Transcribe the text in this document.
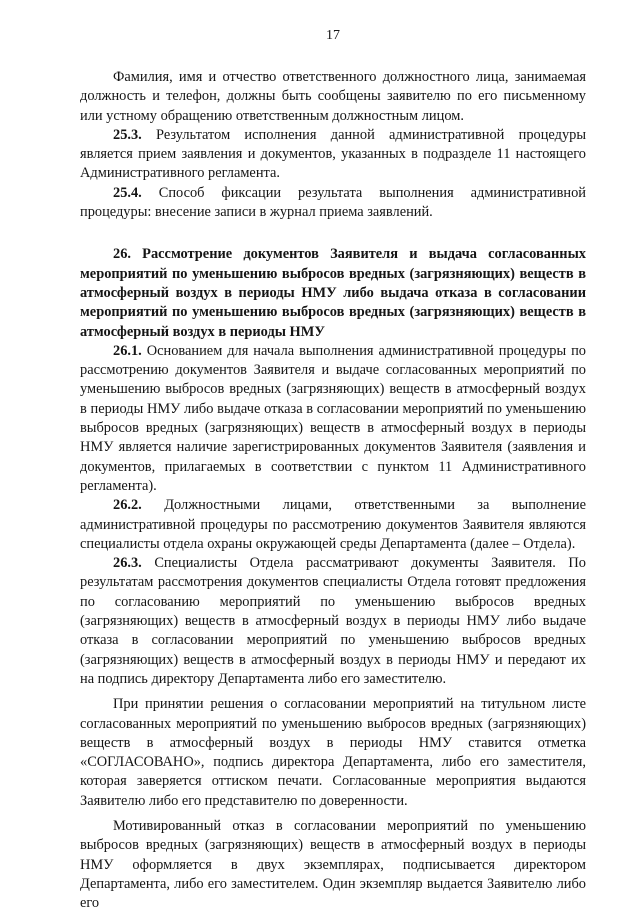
17

Фамилия, имя и отчество ответственного должностного лица, занимаемая должность и телефон, должны быть сообщены заявителю по его письменному или устному обращению ответственным должностным лицом.

25.3. Результатом исполнения данной административной процедуры является прием заявления и документов, указанных в подразделе 11 настоящего Административного регламента.

25.4. Способ фиксации результата выполнения административной процедуры: внесение записи в журнал приема заявлений.

26. Рассмотрение документов Заявителя и выдача согласованных мероприятий по уменьшению выбросов вредных (загрязняющих) веществ в атмосферный воздух в периоды НМУ либо выдача отказа в согласовании мероприятий по уменьшению выбросов вредных (загрязняющих) веществ в атмосферный воздух в периоды НМУ

26.1. Основанием для начала выполнения административной процедуры по рассмотрению документов Заявителя и выдаче согласованных мероприятий по уменьшению выбросов вредных (загрязняющих) веществ в атмосферный воздух в периоды НМУ либо выдаче отказа в согласовании мероприятий по уменьшению выбросов вредных (загрязняющих) веществ в атмосферный воздух в периоды НМУ является наличие зарегистрированных документов Заявителя (заявления и документов, прилагаемых в соответствии с пунктом 11 Административного регламента).

26.2. Должностными лицами, ответственными за выполнение административной процедуры по рассмотрению документов Заявителя являются специалисты отдела охраны окружающей среды Департамента (далее – Отдела).

26.3. Специалисты Отдела рассматривают документы Заявителя. По результатам рассмотрения документов специалисты Отдела готовят предложения по согласованию мероприятий по уменьшению выбросов вредных (загрязняющих) веществ в атмосферный воздух в периоды НМУ либо выдаче отказа в согласовании мероприятий по уменьшению выбросов вредных (загрязняющих) веществ в атмосферный воздух в периоды НМУ и передают их на подпись директору Департамента либо его заместителю.

При принятии решения о согласовании мероприятий на титульном листе согласованных мероприятий по уменьшению выбросов вредных (загрязняющих) веществ в атмосферный воздух в периоды НМУ ставится отметка «СОГЛАСОВАНО», подпись директора Департамента, либо его заместителя, которая заверяется оттиском печати. Согласованные мероприятия выдаются Заявителю либо его представителю по доверенности.

Мотивированный отказ в согласовании мероприятий по уменьшению выбросов вредных (загрязняющих) веществ в атмосферный воздух в периоды НМУ оформляется в двух экземплярах, подписывается директором Департамента, либо его заместителем. Один экземпляр выдается Заявителю либо его
